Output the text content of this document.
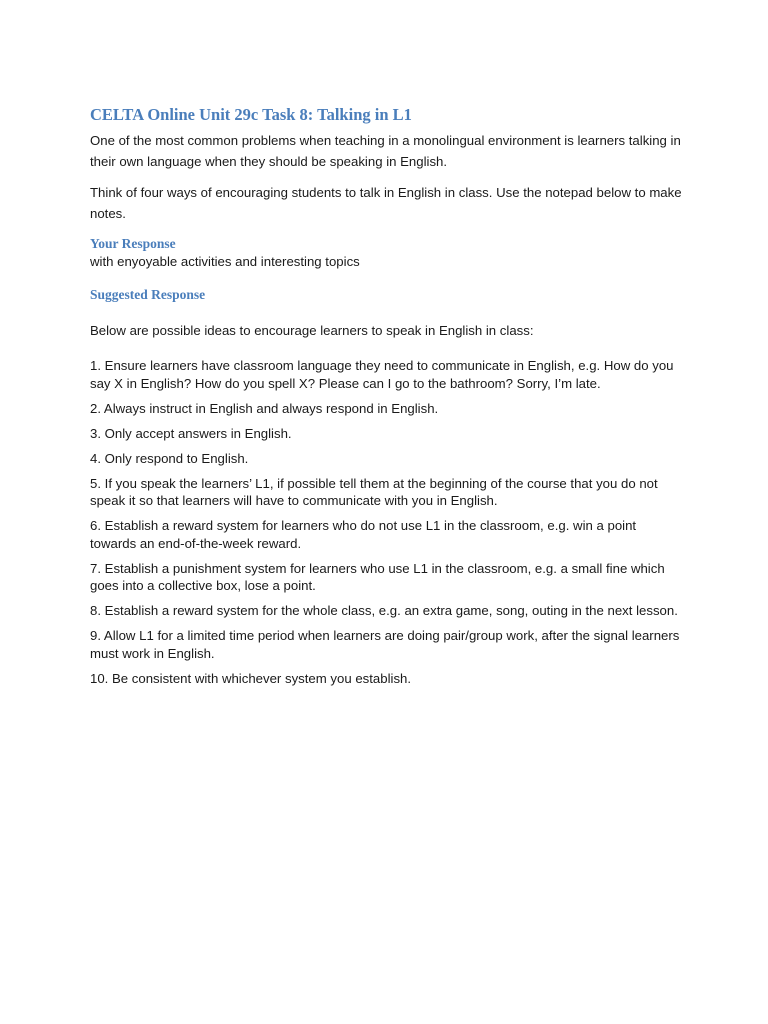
CELTA Online Unit 29c Task 8: Talking in L1

One of the most common problems when teaching in a monolingual environment is learners talking in their own language when they should be speaking in English.

Think of four ways of encouraging students to talk in English in class. Use the notepad below to make notes.

Your Response

with enyoyable activities and interesting topics

Suggested Response

Below are possible ideas to encourage learners to speak in English in class:

1. Ensure learners have classroom language they need to communicate in English, e.g. How do you say X in English? How do you spell X? Please can I go to the bathroom? Sorry, I’m late.
2. Always instruct in English and always respond in English.
3. Only accept answers in English.
4. Only respond to English.
5. If you speak the learners’ L1, if possible tell them at the beginning of the course that you do not speak it so that learners will have to communicate with you in English.
6. Establish a reward system for learners who do not use L1 in the classroom, e.g. win a point towards an end-of-the-week reward.
7. Establish a punishment system for learners who use L1 in the classroom, e.g. a small fine which goes into a collective box, lose a point.
8. Establish a reward system for the whole class, e.g. an extra game, song, outing in the next lesson.
9. Allow L1 for a limited time period when learners are doing pair/group work, after the signal learners must work in English.
10. Be consistent with whichever system you establish.
